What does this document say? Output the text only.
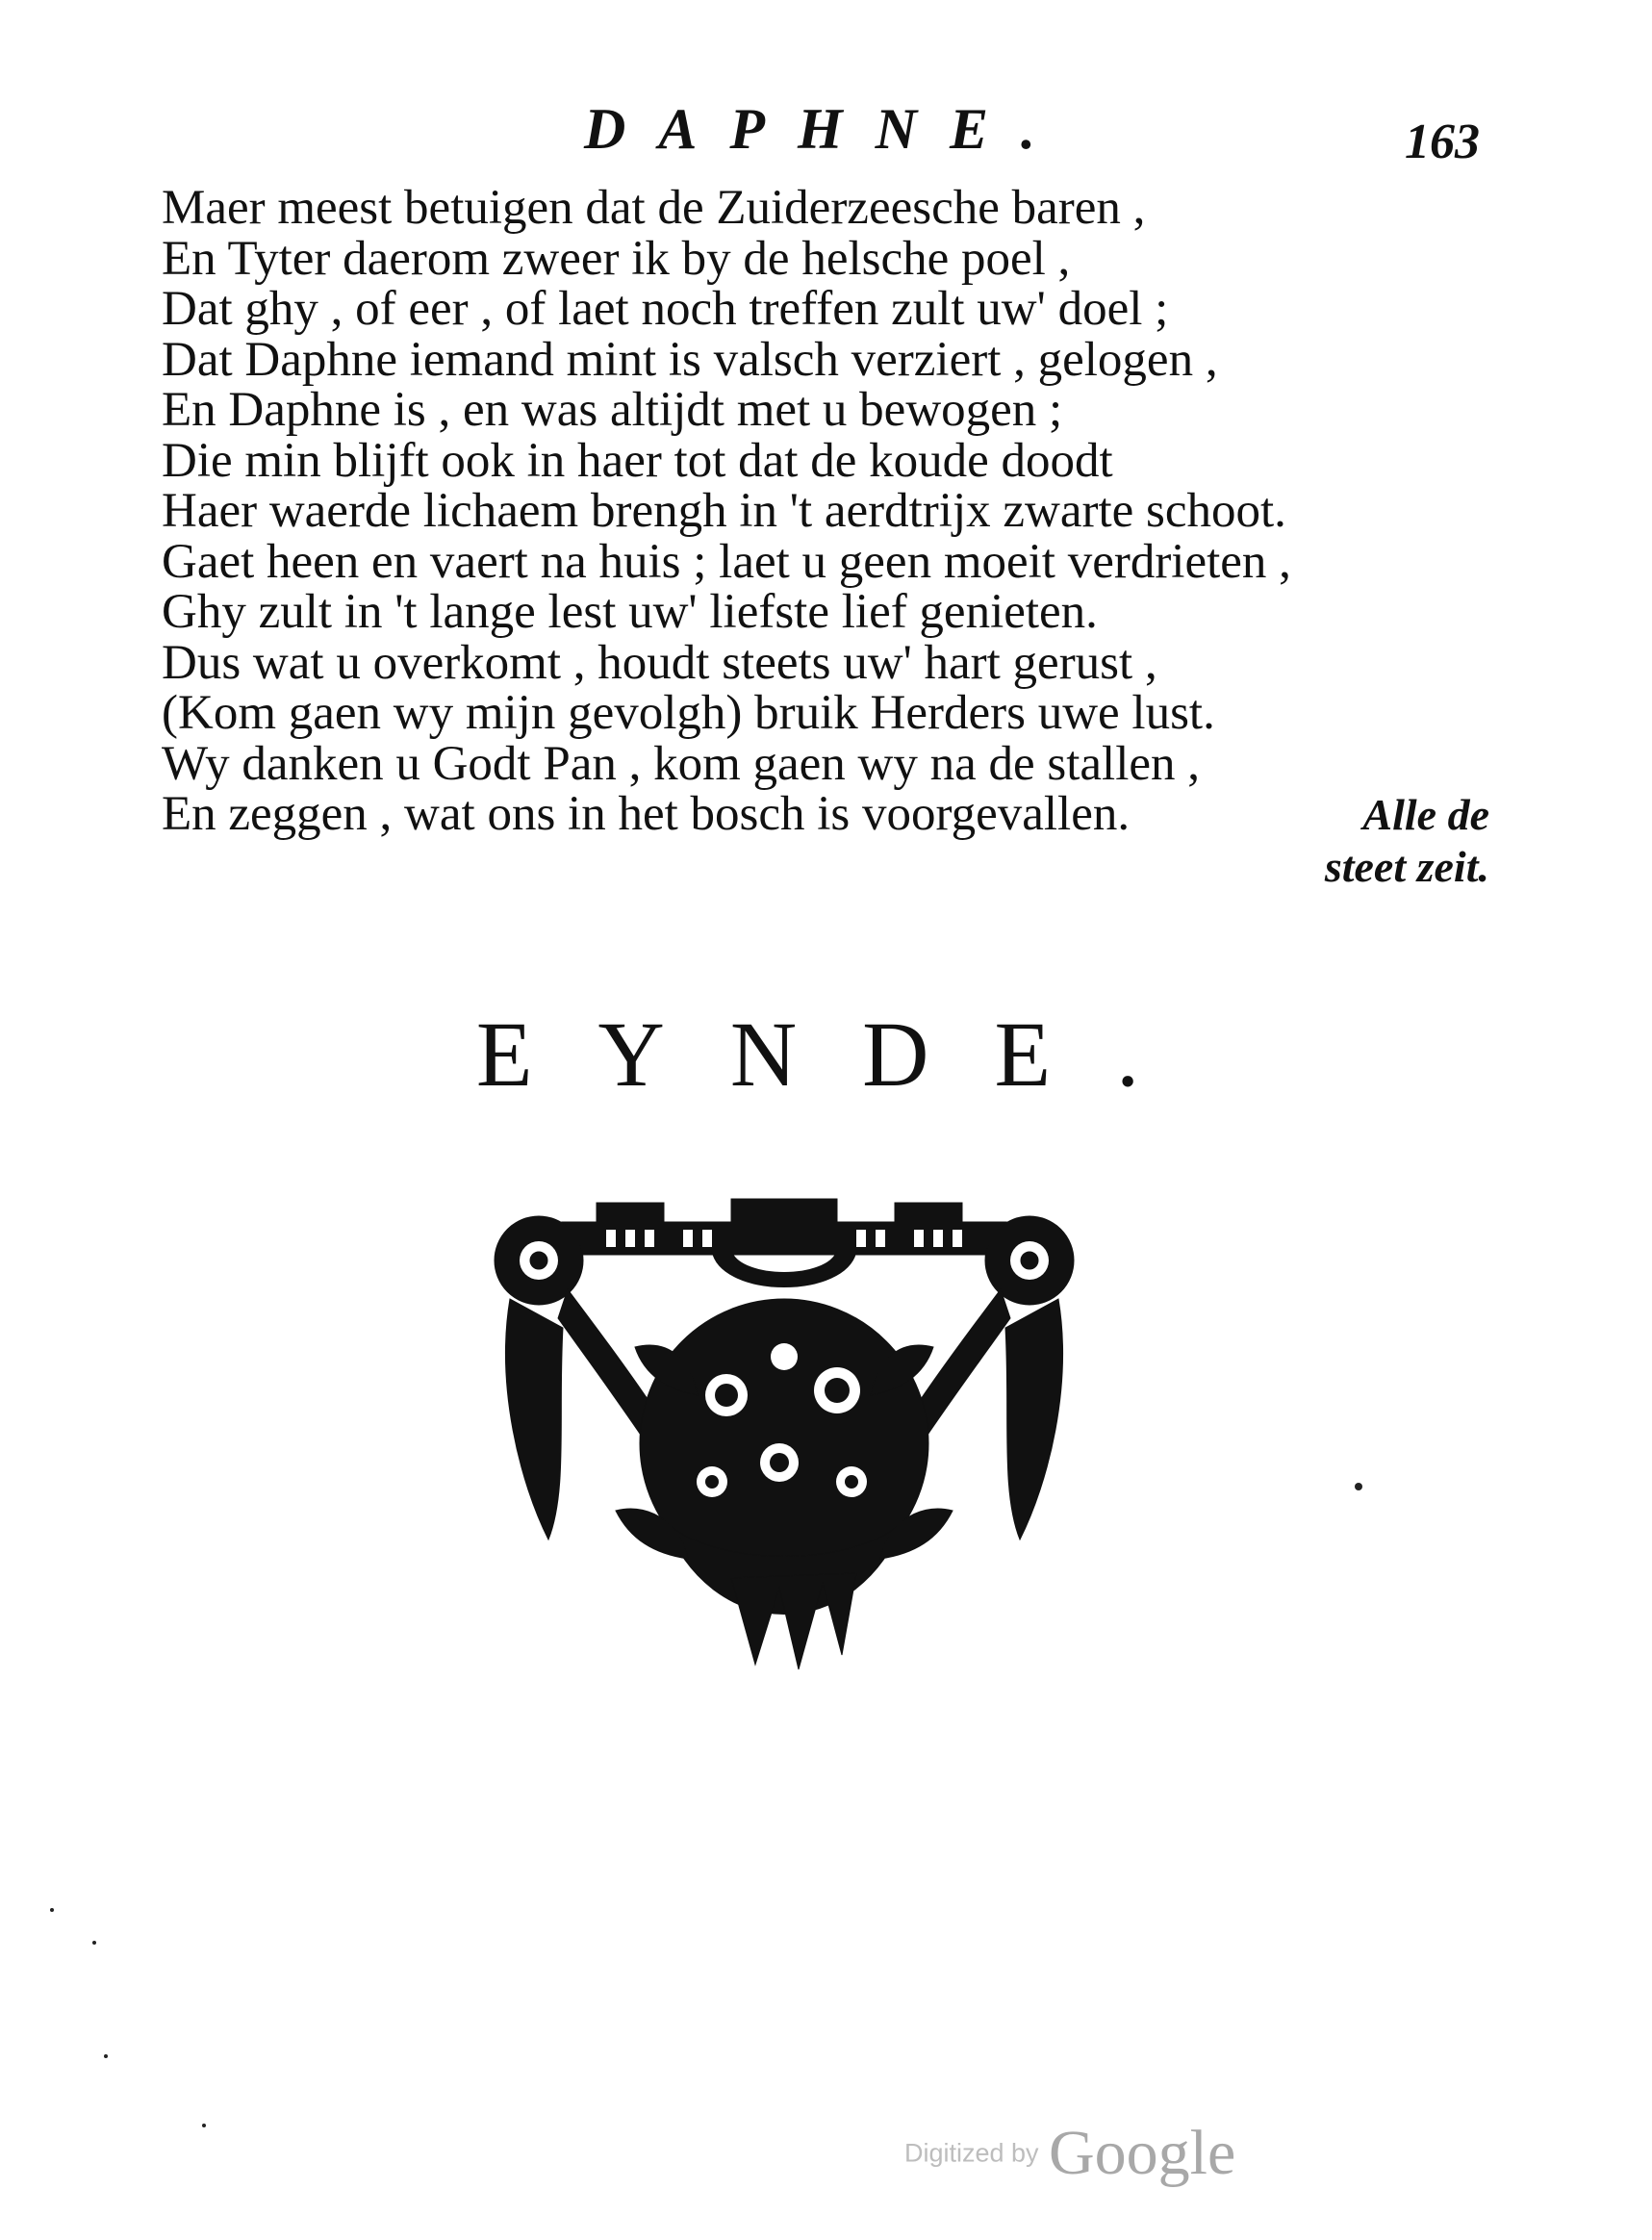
DAPHNE.	163
Maer meest betuigen dat de Zuiderzeesche baren ,
En Tyter daerom zweer ik by de helsche poel ,
Dat ghy , of eer , of laet noch treffen zult uw' doel ;
Dat Daphne iemand mint is valsch verziert , gelogen ,
En Daphne is , en was altijdt met u bewogen ;
Die min blijft ook in haer tot dat de koude doodt
Haer waerde lichaem brengh in 't aerdtrijx zwarte schoot.
Gaet heen en vaert na huis ; laet u geen moeit verdrieten ,
Ghy zult in 't lange lest uw' liefste lief genieten.
Dus wat u overkomt , houdt steets uw' hart gerust ,
(Kom gaen wy mijn gevolgh) bruik Herders uwe lust.
Wy danken u Godt Pan , kom gaen wy na de stallen ,
En zeggen , wat ons in het bosch is voorgevallen.	Alle de
steet zeit.
EYNDE.
Digitized by Google
